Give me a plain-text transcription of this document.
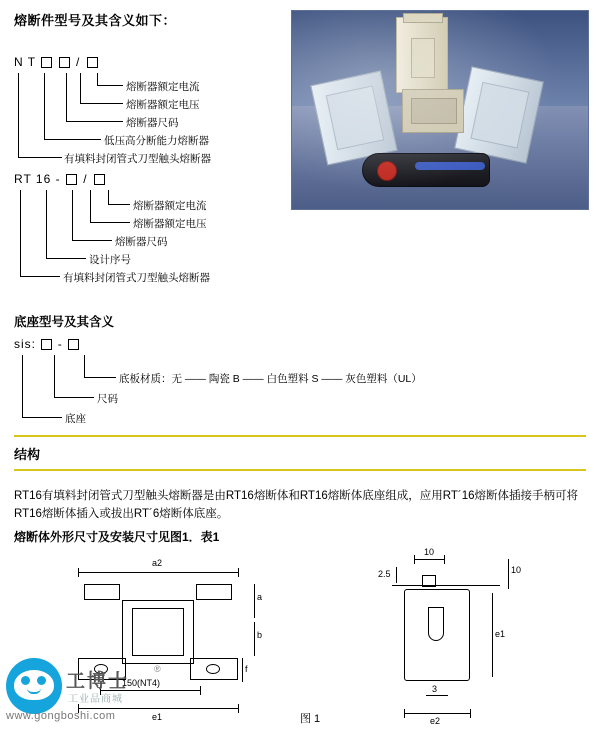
熔断件型号及其含义如下：
N T	/
熔断器额定电流
熔断器额定电压
熔断器尺码
低压高分断能力熔断器
有填料封闭管式刀型触头熔断器
RT 16 - /
熔断器额定电流
熔断器额定电压
熔断器尺码
设计序号
有填料封闭管式刀型触头熔断器
底座型号及其含义
sis: -
底板材质：无 —— 陶瓷 B —— 白色塑料 S —— 灰色塑料（UL）
尺码
底座
结构
RT16有填料封闭管式刀型触头熔断器是由RT16熔断体和RT16熔断体底座组成，应用RT´16熔断体插接手柄可将RT16熔断体插入或拔出RT´6熔断体底座。
熔断体外形尺寸及安装尺寸见图1．表1
a2
a
b
f
150(NT4)
e1
10
2.5	10
e1
3
e2
图 1
工博士
®
工业品商城
www.gongboshi.com
